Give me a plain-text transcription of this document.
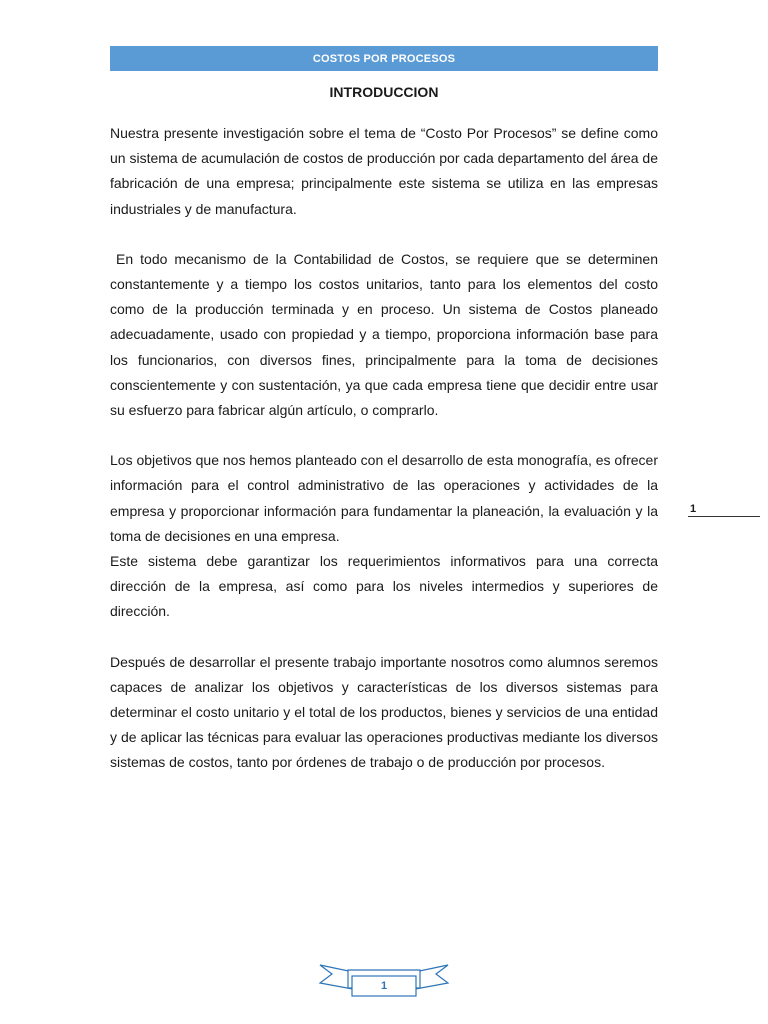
COSTOS POR PROCESOS
INTRODUCCION

Nuestra presente investigación sobre el tema de “Costo Por Procesos” se define como un sistema de acumulación de costos de producción por cada departamento del área de fabricación de una empresa; principalmente este sistema se utiliza en las empresas industriales y de manufactura.

En todo mecanismo de la Contabilidad de Costos, se requiere que se determinen constantemente y a tiempo los costos unitarios, tanto para los elementos del costo como de la producción terminada y en proceso. Un sistema de Costos planeado adecuadamente, usado con propiedad y a tiempo, proporciona información base para los funcionarios, con diversos fines, principalmente para la toma de decisiones conscientemente y con sustentación, ya que cada empresa tiene que decidir entre usar su esfuerzo para fabricar algún artículo, o comprarlo.

Los objetivos que nos hemos planteado con el desarrollo de esta monografía, es ofrecer información para el control administrativo de las operaciones y actividades de la empresa y proporcionar información para fundamentar la planeación, la evaluación y la toma de decisiones en una empresa.

Este sistema debe garantizar los requerimientos informativos para una correcta dirección de la empresa, así como para los niveles intermedios y superiores de dirección.

Después de desarrollar el presente trabajo importante nosotros como alumnos seremos capaces de analizar los objetivos y características de los diversos sistemas para determinar el costo unitario y el total de los productos, bienes y servicios de una entidad y de aplicar las técnicas para evaluar las operaciones productivas mediante los diversos sistemas de costos, tanto por órdenes de trabajo o de producción por procesos.

1
1
